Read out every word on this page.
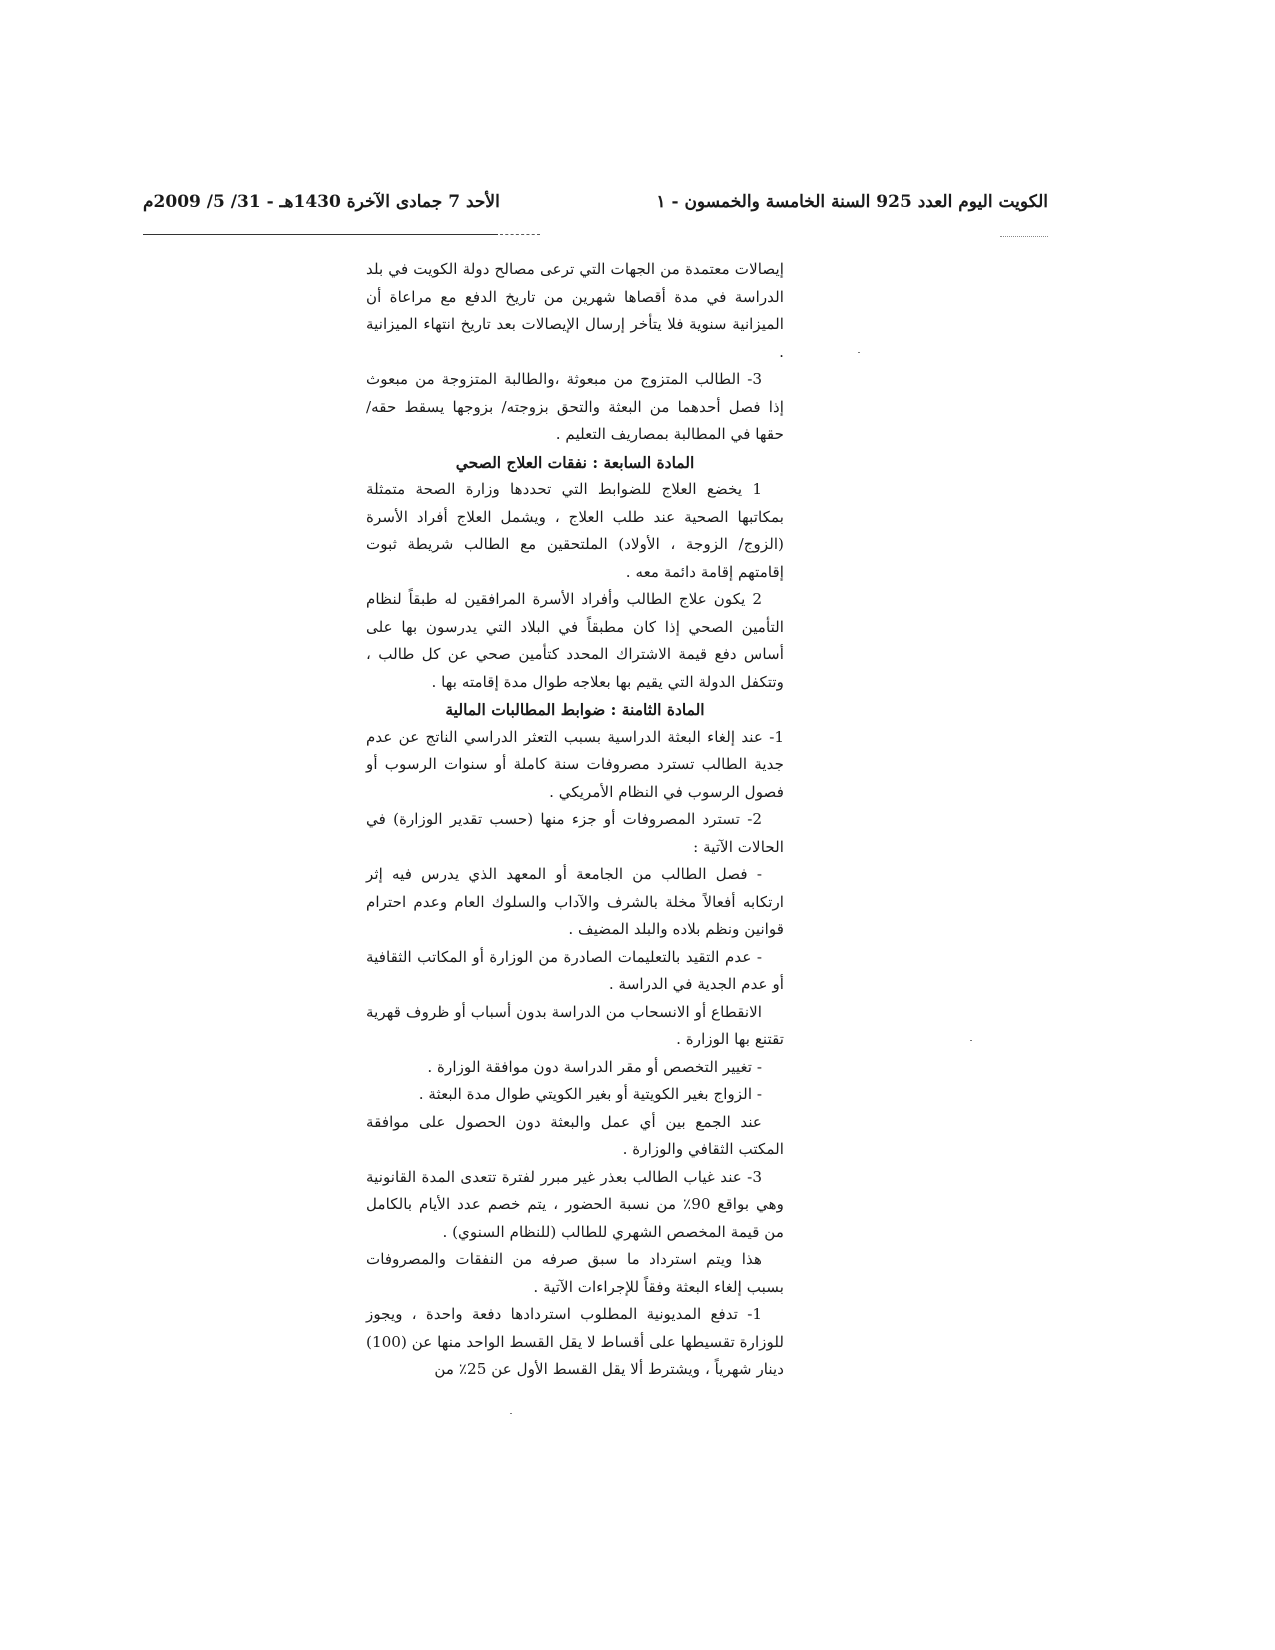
الكويت اليوم العدد 925 السنة الخامسة والخمسون - ١
الأحد 7 جمادى الآخرة 1430هـ - 31/ 5/ 2009م

إيصالات معتمدة من الجهات التي ترعى مصالح دولة الكويت في بلد الدراسة في مدة أقصاها شهرين من تاريخ الدفع مع مراعاة أن الميزانية سنوية فلا يتأخر إرسال الإيصالات بعد تاريخ انتهاء الميزانية .

3- الطالب المتزوج من مبعوثة ،والطالبة المتزوجة من مبعوث إذا فصل أحدهما من البعثة والتحق بزوجته/ بزوجها يسقط حقه/ حقها في المطالبة بمصاريف التعليم .

المادة السابعة : نفقات العلاج الصحي

1 يخضع العلاج للضوابط التي تحددها وزارة الصحة متمثلة بمكاتبها الصحية عند طلب العلاج ، ويشمل العلاج أفراد الأسرة (الزوج/ الزوجة ، الأولاد) الملتحقين مع الطالب شريطة ثبوت إقامتهم إقامة دائمة معه .

2 يكون علاج الطالب وأفراد الأسرة المرافقين له طبقاً لنظام التأمين الصحي إذا كان مطبقاً في البلاد التي يدرسون بها على أساس دفع قيمة الاشتراك المحدد كتأمين صحي عن كل طالب ، وتتكفل الدولة التي يقيم بها بعلاجه طوال مدة إقامته بها .

المادة الثامنة : ضوابط المطالبات المالية

1- عند إلغاء البعثة الدراسية بسبب التعثر الدراسي الناتج عن عدم جدية الطالب تسترد مصروفات سنة كاملة أو سنوات الرسوب أو فصول الرسوب في النظام الأمريكي .

2- تسترد المصروفات أو جزء منها (حسب تقدير الوزارة) في الحالات الآتية :

- فصل الطالب من الجامعة أو المعهد الذي يدرس فيه إثر ارتكابه أفعالاً مخلة بالشرف والآداب والسلوك العام وعدم احترام قوانين ونظم بلاده والبلد المضيف .

- عدم التقيد بالتعليمات الصادرة من الوزارة أو المكاتب الثقافية أو عدم الجدية في الدراسة .

الانقطاع أو الانسحاب من الدراسة بدون أسباب أو ظروف قهرية تقتنع بها الوزارة .

- تغيير التخصص أو مقر الدراسة دون موافقة الوزارة .

- الزواج بغير الكويتية أو بغير الكويتي طوال مدة البعثة .

عند الجمع بين أي عمل والبعثة دون الحصول على موافقة المكتب الثقافي والوزارة .

3- عند غياب الطالب بعذر غير مبرر لفترة تتعدى المدة القانونية وهي بواقع 90٪ من نسبة الحضور ، يتم خصم عدد الأيام بالكامل من قيمة المخصص الشهري للطالب (للنظام السنوي) .

هذا ويتم استرداد ما سبق صرفه من النفقات والمصروفات بسبب إلغاء البعثة وفقاً للإجراءات الآتية .

1- تدفع المديونية المطلوب استردادها دفعة واحدة ، ويجوز للوزارة تقسيطها على أقساط لا يقل القسط الواحد منها عن (100) دينار شهرياً ، ويشترط ألا يقل القسط الأول عن 25٪ من
